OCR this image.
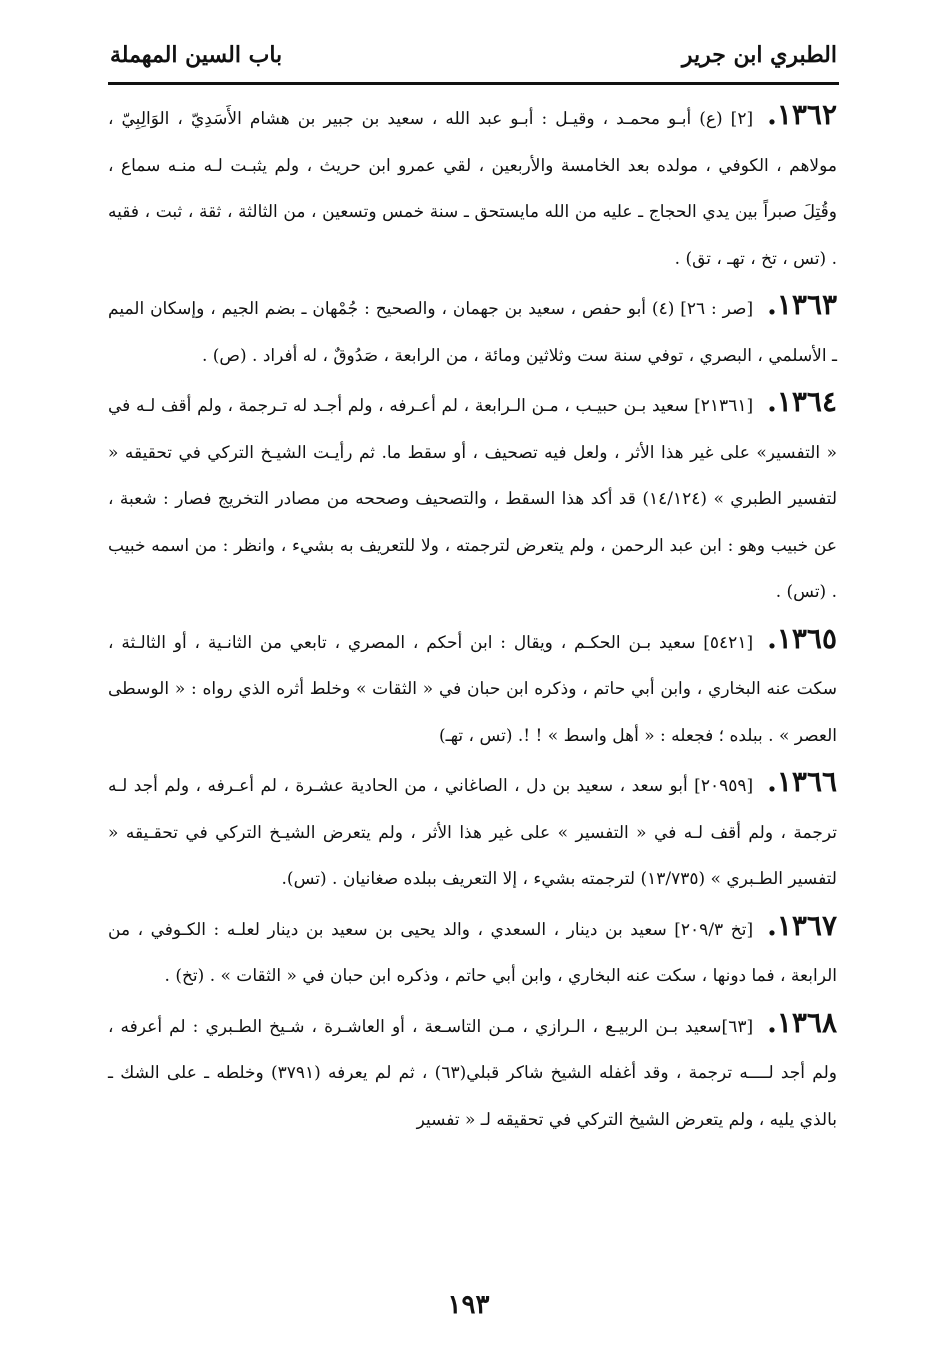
الطبري ابن جرير
باب السين المهملة

١٣٦٢.[٢] (ع) أبـو محمـد ، وقيـل : أبـو عبد الله ، سعيد بن جبير بن هشام الأَسَدِيّ ، الوَالِبِيّ ، مولاهم ، الكوفي ، مولده بعد الخامسة والأربعين ، لقي عمرو ابن حريث ، ولم يثبـت لـه منـه سماع ، وقُتِلَ صبراً بين يدي الحجاج ـ عليه من الله مايستحق ـ سنة خمس وتسعين ، من الثالثة ، ثقة ، ثبت ، فقيه . (تس ، تخ ، تهـ ، تق) .

١٣٦٣.[صر : ٢٦] (٤) أبو حفص ، سعيد بن جهمان ، والصحيح : جُمْهان ـ بضم الجيم ، وإسكان الميم ـ الأسلمي ، البصري ، توفي سنة ست وثلاثين ومائة ، من الرابعة ، صَدُوقٌ ، له أفراد . (ص) .

١٣٦٤.[٢١٣٦١] سعيد بـن حبيـب ، مـن الـرابعة ، لم أعـرفه ، ولم أجـد له تـرجمة ، ولم أقف لـه في « التفسير» على غير هذا الأثر ، ولعل فيه تصحيف ، أو سقط ما. ثم رأيـت الشيـخ التركي في تحقيقه « لتفسير الطبري » (١٤/١٢٤) قد أكد هذا السقط ، والتصحيف وصححه من مصادر التخريج فصار : شعبة ، عن خبيب وهو : ابن عبد الرحمن ، ولم يتعرض لترجمته ، ولا للتعريف به بشيء ، وانظر : من اسمه خبيب . (تس) .

١٣٦٥.[٥٤٢١] سعيد بـن الحكـم ، ويقال : ابن أحكم ، المصري ، تابعي من الثانـية ، أو الثالـثة ، سكت عنه البخاري ، وابن أبي حاتم ، وذكره ابن حبان في « الثقات » وخلط أثره الذي رواه : « الوسطى العصر » . ببلده ؛ فجعله : « أهل واسط » ! !. (تس ، تهـ)

١٣٦٦.[٢٠٩٥٩] أبو سعد ، سعيد بن دل ، الصاغاني ، من الحادية عشـرة ، لم أعـرفه ، ولم أجد لـه ترجمة ، ولم أقف لـه في « التفسير » على غير هذا الأثر ، ولم يتعرض الشيـخ التركي في تحقـيقه « لتفسير الطـبري » (١٣/٧٣٥) لترجمته بشيء ، إلا التعريف ببلده صغانيان . (تس).

١٣٦٧.[تخ ٢٠٩/٣] سعيد بن دينار ، السعدي ، والد يحيى بن سعيد بن دينار لعلـه : الكـوفي ، من الرابعة ، فما دونها ، سكت عنه البخاري ، وابن أبي حاتم ، وذكره ابن حبان في « الثقات » . (تخ) .

١٣٦٨.[٦٣]سعيد بـن الربيـع ، الـرازي ، مـن التاسـعة ، أو العاشـرة ، شـيخ الطـبري : لم أعرفه ، ولم أجد لــــه ترجمة ، وقد أغفله الشيخ شاكر قبلي(٦٣) ، ثم لم يعرفه (٣٧٩١) وخلطه ـ على الشك ـ بالذي يليه ، ولم يتعرض الشيخ التركي في تحقيقه لـ « تفسير

١٩٣
